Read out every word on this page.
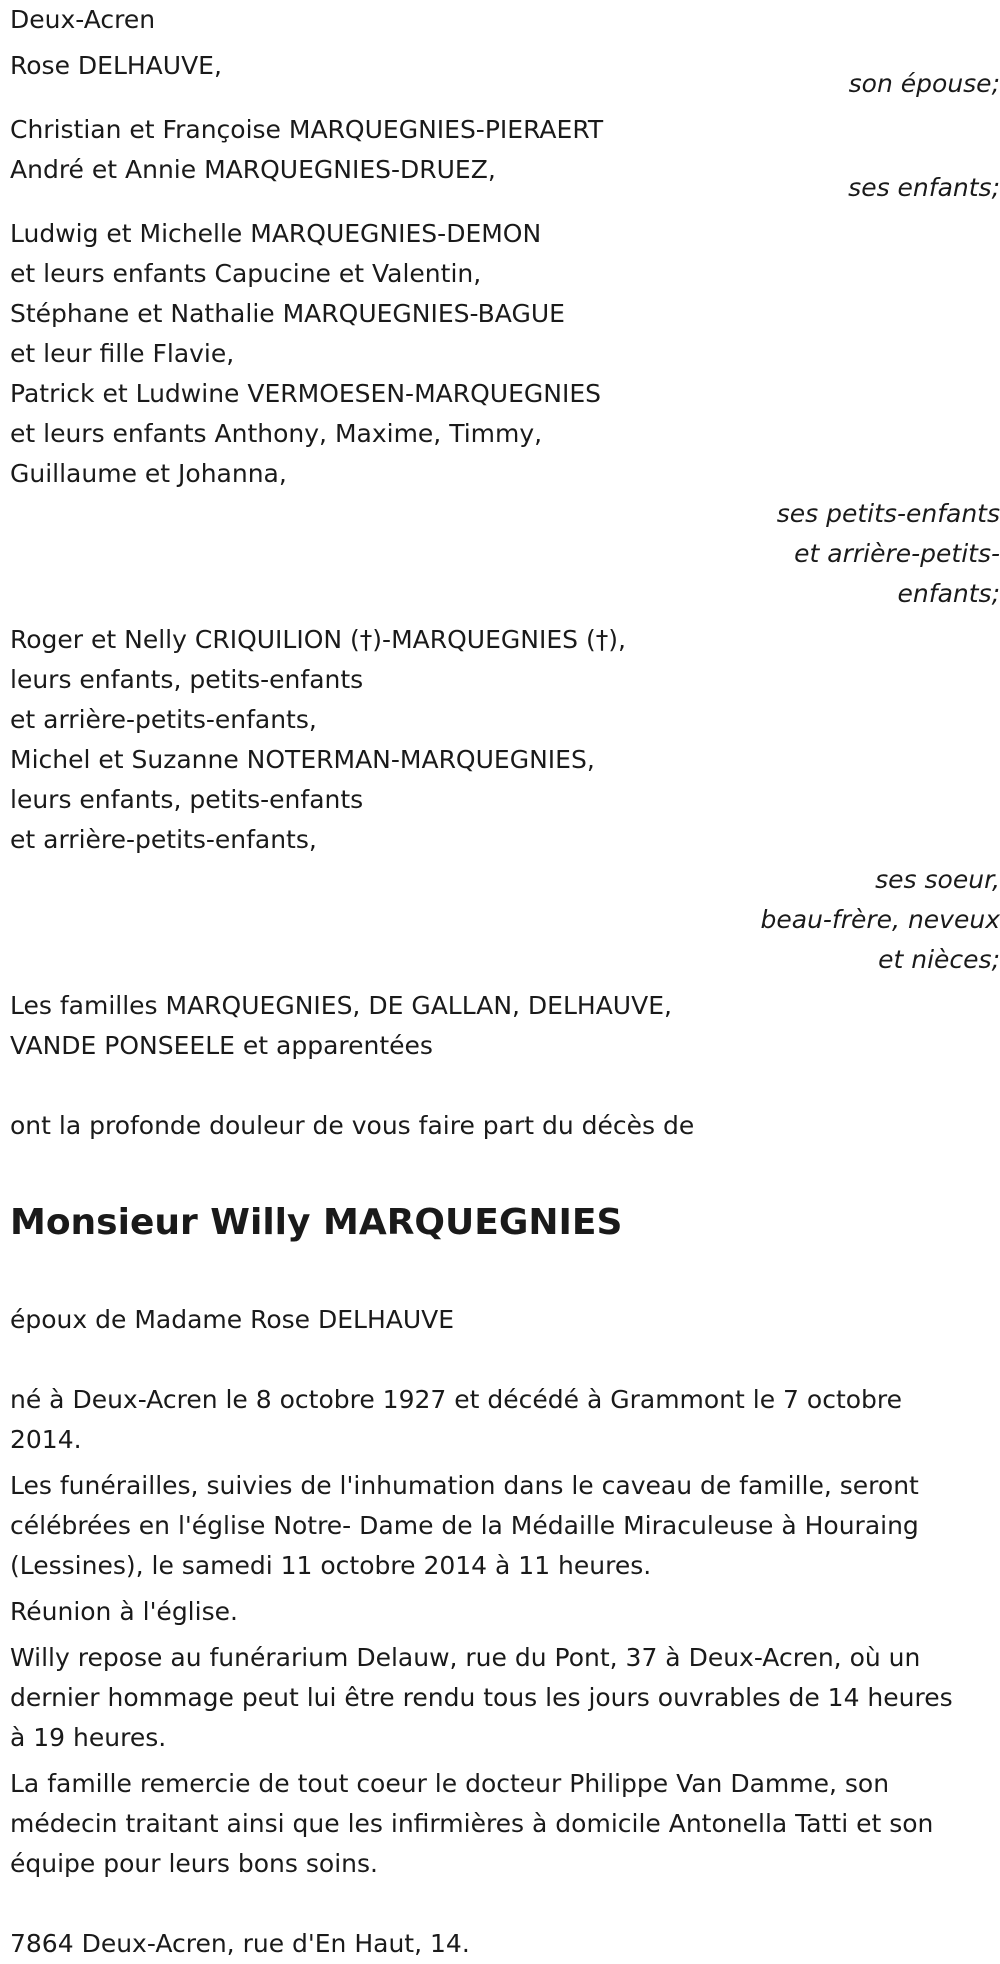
Deux-Acren
Rose DELHAUVE,
son épouse;
Christian et Françoise MARQUEGNIES-PIERAERT
André et Annie MARQUEGNIES-DRUEZ,
ses enfants;
Ludwig et Michelle MARQUEGNIES-DEMON
et leurs enfants Capucine et Valentin,
Stéphane et Nathalie MARQUEGNIES-BAGUE
et leur fille Flavie,
Patrick et Ludwine VERMOESEN-MARQUEGNIES
et leurs enfants Anthony, Maxime, Timmy,
Guillaume et Johanna,
ses petits-enfants
et arrière-petits-
enfants;
Roger et Nelly CRIQUILION (†)-MARQUEGNIES (†),
leurs enfants, petits-enfants
et arrière-petits-enfants,
Michel et Suzanne NOTERMAN-MARQUEGNIES,
leurs enfants, petits-enfants
et arrière-petits-enfants,
ses soeur,
beau-frère, neveux
et nièces;
Les familles MARQUEGNIES, DE GALLAN, DELHAUVE,
VANDE PONSEELE et apparentées
ont la profonde douleur de vous faire part du décès de
Monsieur Willy MARQUEGNIES
époux de Madame Rose DELHAUVE
né à Deux-Acren le 8 octobre 1927 et décédé à Grammont le 7 octobre 2014.
Les funérailles, suivies de l'inhumation dans le caveau de famille, seront célébrées en l'église Notre- Dame de la Médaille Miraculeuse à Houraing (Lessines), le samedi 11 octobre 2014 à 11 heures.
Réunion à l'église.
Willy repose au funérarium Delauw, rue du Pont, 37 à Deux-Acren, où un dernier hommage peut lui être rendu tous les jours ouvrables de 14 heures à 19 heures.
La famille remercie de tout coeur le docteur Philippe Van Damme, son médecin traitant ainsi que les infirmières à domicile Antonella Tatti et son équipe pour leurs bons soins.
7864 Deux-Acren, rue d'En Haut, 14.
